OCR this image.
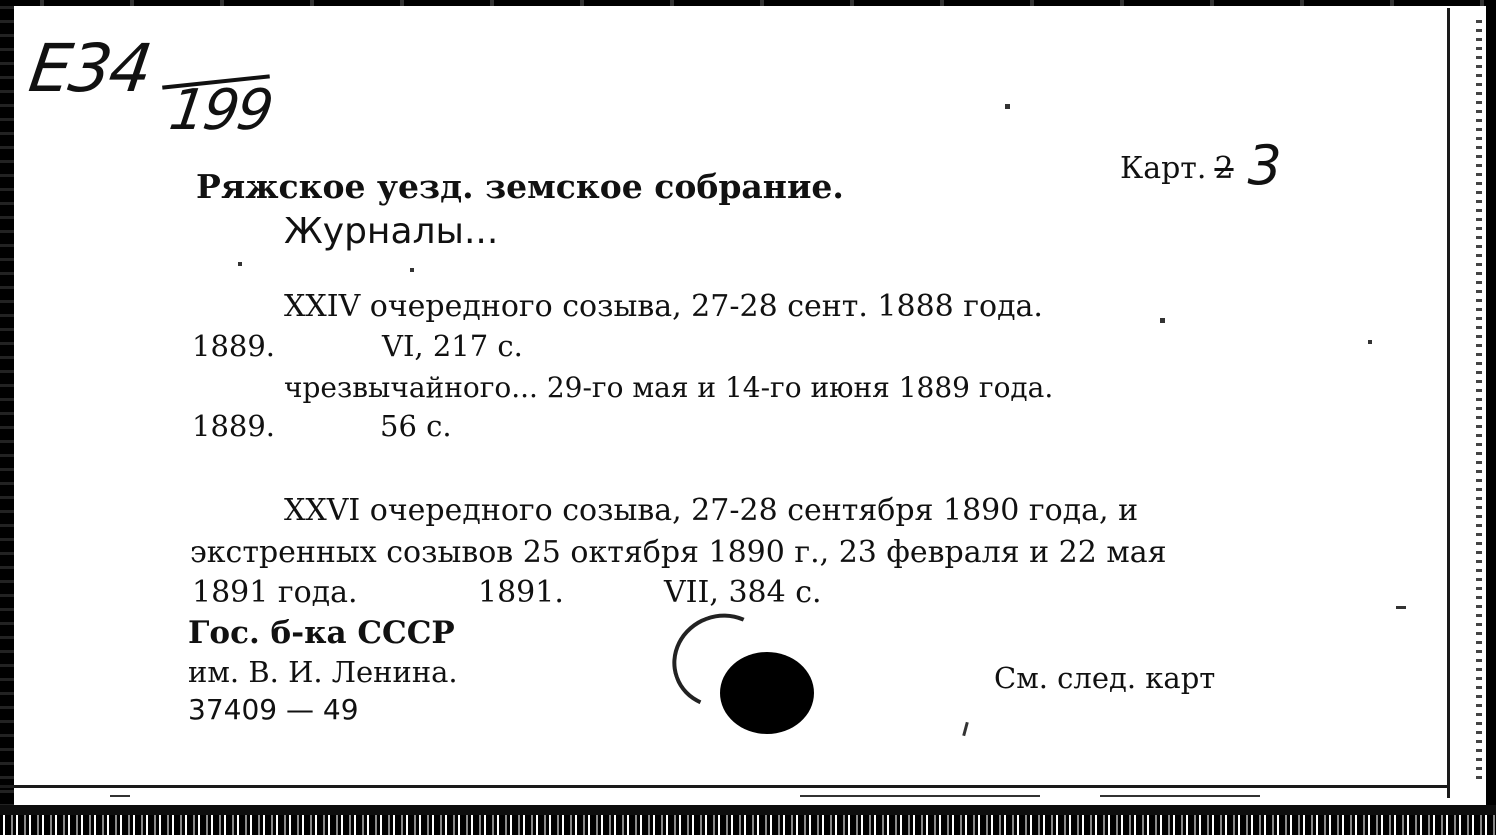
E34
199
Карт. 2 3
Ряжское уезд. земское собрание.
Журналы...
XXIV очередного созыва, 27-28 сент. 1888 года.
1889.	VI, 217 с.
чрезвычайного... 29-го мая и 14-го июня 1889 года.
1889.	56 с.
XXVI очередного созыва, 27-28 сентября 1890 года, и
экстренных созывов 25 октября 1890 г., 23 февраля и 22 мая
1891 года.	1891.	VII, 384 с.
Гос. б-ка СССР
им. В. И. Ленина.
37409 — 49
См. след. карт
